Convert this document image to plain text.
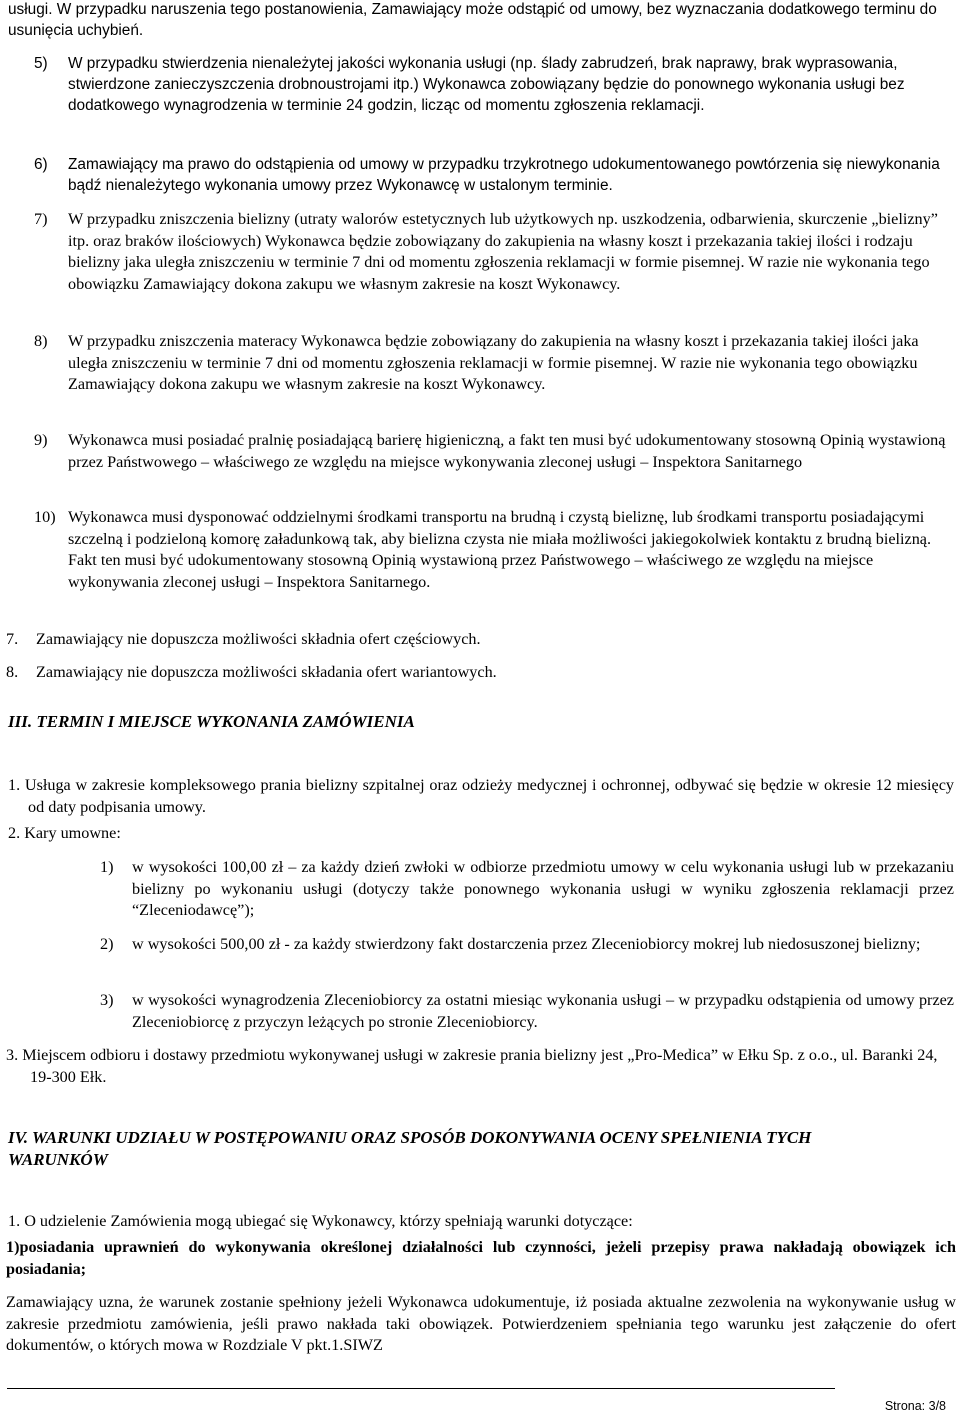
usługi. W przypadku naruszenia tego postanowienia, Zamawiający może odstąpić od umowy, bez wyznaczania dodatkowego terminu do usunięcia uchybień.

5) W przypadku stwierdzenia nienależytej jakości wykonania usługi (np. ślady zabrudzeń, brak naprawy, brak wyprasowania, stwierdzone zanieczyszczenia drobnoustrojami itp.) Wykonawca zobowiązany będzie do ponownego wykonania usługi bez dodatkowego wynagrodzenia w terminie 24 godzin, licząc od momentu zgłoszenia reklamacji.

6) Zamawiający ma prawo do odstąpienia od umowy w przypadku trzykrotnego udokumentowanego powtórzenia się niewykonania bądź nienależytego wykonania umowy przez Wykonawcę w ustalonym terminie.

7) W przypadku zniszczenia bielizny (utraty walorów estetycznych lub użytkowych np. uszkodzenia, odbarwienia, skurczenie „bielizny” itp. oraz braków ilościowych) Wykonawca będzie zobowiązany do zakupienia na własny koszt i przekazania takiej ilości i rodzaju bielizny jaka uległa zniszczeniu w terminie 7 dni od momentu zgłoszenia reklamacji w formie pisemnej. W razie nie wykonania tego obowiązku Zamawiający dokona zakupu we własnym zakresie na koszt Wykonawcy.

8) W przypadku zniszczenia materacy Wykonawca będzie zobowiązany do zakupienia na własny koszt i przekazania takiej ilości jaka uległa zniszczeniu w terminie 7 dni od momentu zgłoszenia reklamacji w formie pisemnej. W razie nie wykonania tego obowiązku Zamawiający dokona zakupu we własnym zakresie na koszt Wykonawcy.

9) Wykonawca musi posiadać pralnię posiadającą barierę higieniczną, a fakt ten musi być udokumentowany stosowną Opinią wystawioną przez Państwowego – właściwego ze względu na miejsce wykonywania zleconej usługi – Inspektora Sanitarnego

10) Wykonawca musi dysponować oddzielnymi środkami transportu na brudną i czystą bieliznę, lub środkami transportu posiadającymi szczelną i podzieloną komorę załadunkową tak, aby bielizna czysta nie miała możliwości jakiegokolwiek kontaktu z brudną bielizną. Fakt ten musi być udokumentowany stosowną Opinią wystawioną przez Państwowego – właściwego ze względu na miejsce wykonywania zleconej usługi – Inspektora Sanitarnego.

7. Zamawiający nie dopuszcza możliwości składnia ofert częściowych.

8. Zamawiający nie dopuszcza możliwości składania ofert wariantowych.

III. TERMIN I MIEJSCE WYKONANIA ZAMÓWIENIA

1. Usługa w zakresie kompleksowego prania bielizny szpitalnej oraz odzieży medycznej i ochronnej, odbywać się będzie w okresie 12 miesięcy od daty podpisania umowy.

2. Kary umowne:

1) w wysokości 100,00 zł – za każdy dzień zwłoki w odbiorze przedmiotu umowy w celu wykonania usługi lub w przekazaniu bielizny po wykonaniu usługi (dotyczy także ponownego wykonania usługi w wyniku zgłoszenia reklamacji przez “Zleceniodawcę”);

2) w wysokości 500,00 zł - za każdy stwierdzony fakt dostarczenia przez Zleceniobiorcy mokrej lub niedosuszonej bielizny;

3) w wysokości wynagrodzenia Zleceniobiorcy za ostatni miesiąc wykonania usługi – w przypadku odstąpienia od umowy przez Zleceniobiorcę z przyczyn leżących po stronie Zleceniobiorcy.

3. Miejscem odbioru i dostawy przedmiotu wykonywanej usługi w zakresie prania bielizny jest „Pro-Medica” w Ełku Sp. z o.o., ul. Baranki 24, 19-300 Ełk.

IV. WARUNKI UDZIAŁU W POSTĘPOWANIU ORAZ SPOSÓB DOKONYWANIA OCENY SPEŁNIENIA TYCH WARUNKÓW

1. O udzielenie Zamówienia mogą ubiegać się Wykonawcy, którzy spełniają warunki dotyczące:

1)posiadania uprawnień do wykonywania określonej działalności lub czynności, jeżeli przepisy prawa nakładają obowiązek ich posiadania;

Zamawiający uzna, że warunek zostanie spełniony jeżeli Wykonawca udokumentuje, iż posiada aktualne zezwolenia na wykonywanie usług w zakresie przedmiotu zamówienia, jeśli prawo nakłada taki obowiązek. Potwierdzeniem spełniania tego warunku jest załączenie do ofert dokumentów, o których mowa w Rozdziale V pkt.1.SIWZ

Strona: 3/8
